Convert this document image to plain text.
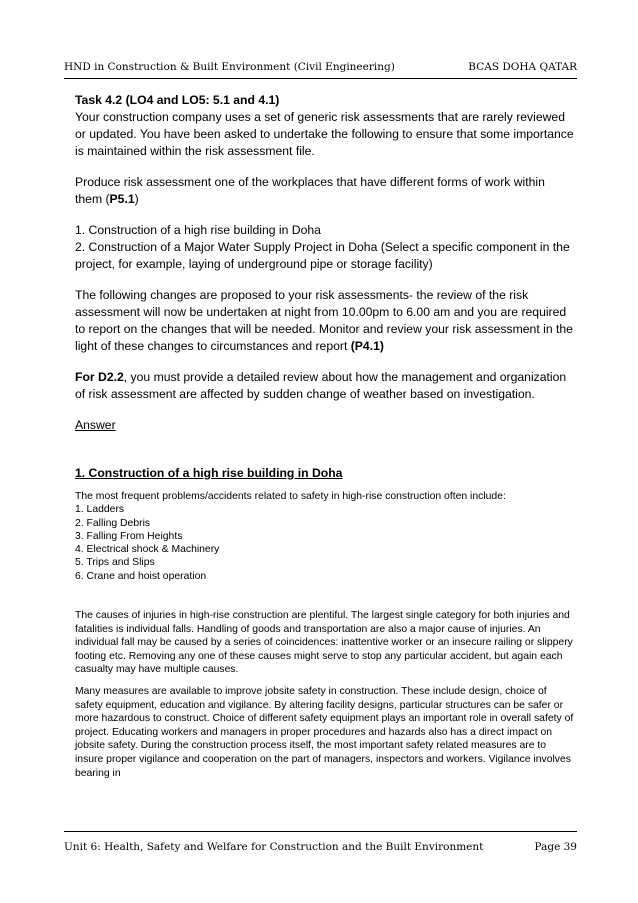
HND in Construction & Built Environment (Civil Engineering)	BCAS DOHA QATAR

Task 4.2 (LO4 and LO5: 5.1 and 4.1)

Your construction company uses a set of generic risk assessments that are rarely reviewed or updated. You have been asked to undertake the following to ensure that some importance is maintained within the risk assessment file.

Produce risk assessment one of the workplaces that have different forms of work within them (P5.1)

1. Construction of a high rise building in Doha

2. Construction of a Major Water Supply Project in Doha (Select a specific component in the project, for example, laying of underground pipe or storage facility)

The following changes are proposed to your risk assessments- the review of the risk assessment will now be undertaken at night from 10.00pm to 6.00 am and you are required to report on the changes that will be needed. Monitor and review your risk assessment in the light of these changes to circumstances and report (P4.1)

For D2.2, you must provide a detailed review about how the management and organization of risk assessment are affected by sudden change of weather based on investigation.

Answer

1. Construction of a high rise building in Doha

The most frequent problems/accidents related to safety in high-rise construction often include:

1. Ladders
2. Falling Debris
3. Falling From Heights
4. Electrical shock & Machinery
5. Trips and Slips
6. Crane and hoist operation

The causes of injuries in high-rise construction are plentiful. The largest single category for both injuries and fatalities is individual falls. Handling of goods and transportation are also a major cause of injuries. An individual fall may be caused by a series of coincidences: inattentive worker or an insecure railing or slippery footing etc. Removing any one of these causes might serve to stop any particular accident, but again each casualty may have multiple causes.

Many measures are available to improve jobsite safety in construction. These include design, choice of safety equipment, education and vigilance. By altering facility designs, particular structures can be safer or more hazardous to construct. Choice of different safety equipment plays an important role in overall safety of project. Educating workers and managers in proper procedures and hazards also has a direct impact on jobsite safety. During the construction process itself, the most important safety related measures are to insure proper vigilance and cooperation on the part of managers, inspectors and workers. Vigilance involves bearing in

Unit 6: Health, Safety and Welfare for Construction and the Built Environment	Page 39
